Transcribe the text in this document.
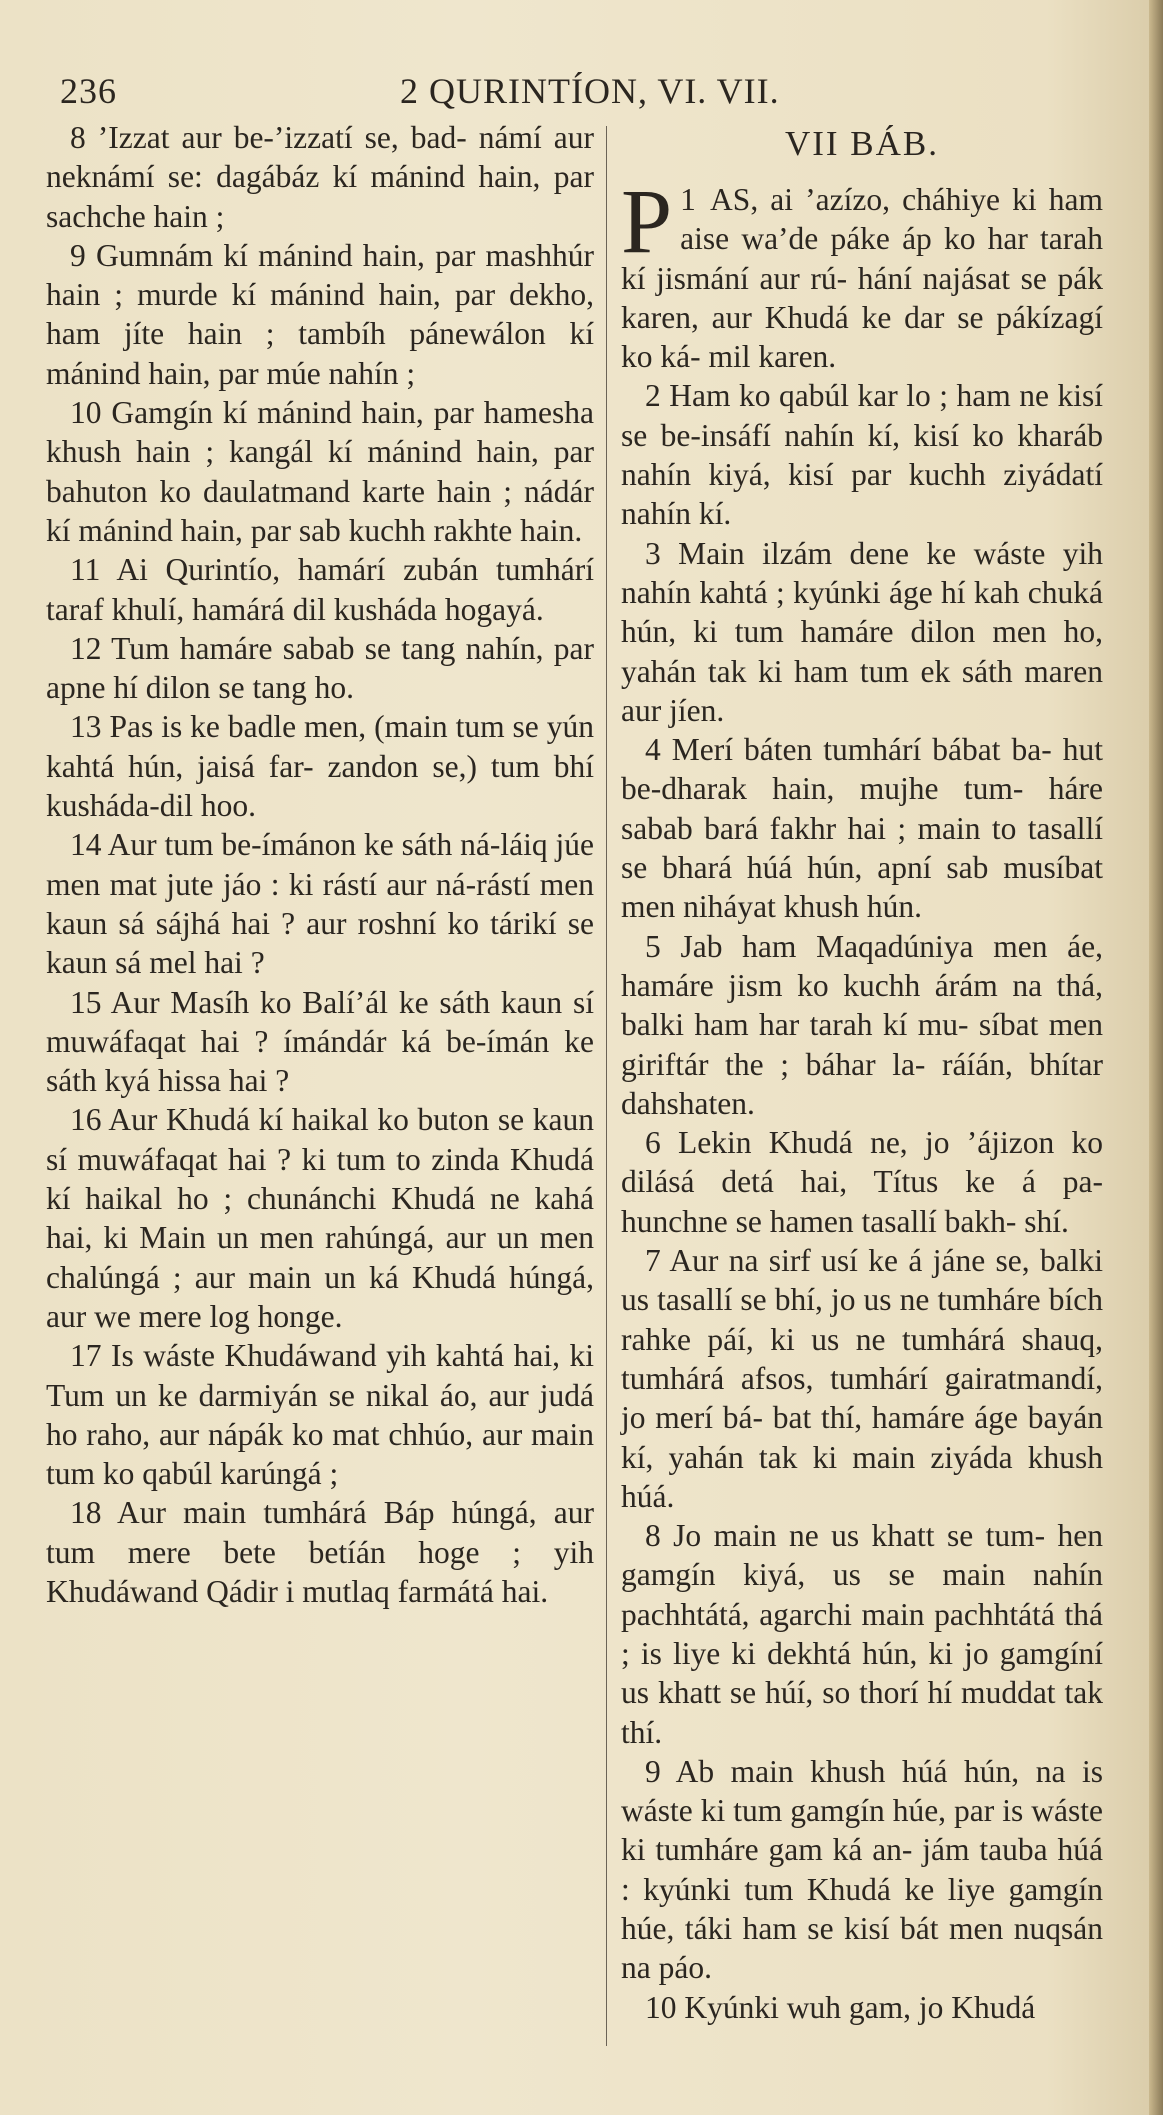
236	2 QURINTÍON, VI. VII.

8 ’Izzat aur be-’izzatí se, bad- námí aur neknámí se: dagábáz kí mánind hain, par sachche hain ;

9 Gumnám kí mánind hain, par mashhúr hain ; murde kí mánind hain, par dekho, ham jíte hain ; tambíh pánewálon kí mánind hain, par múe nahín ;

10 Gamgín kí mánind hain, par hamesha khush hain ; kangál kí mánind hain, par bahuton ko daulatmand karte hain ; nádár kí mánind hain, par sab kuchh rakhte hain.

11 Ai Qurintío, hamárí zubán tumhárí taraf khulí, hamárá dil kusháda hogayá.

12 Tum hamáre sabab se tang nahín, par apne hí dilon se tang ho.

13 Pas is ke badle men, (main tum se yún kahtá hún, jaisá far- zandon se,) tum bhí kusháda-dil hoo.

14 Aur tum be-ímánon ke sáth ná-láiq júe men mat jute jáo : ki rástí aur ná-rástí men kaun sá sájhá hai ? aur roshní ko tárikí se kaun sá mel hai ?

15 Aur Masíh ko Balí’ál ke sáth kaun sí muwáfaqat hai ? ímándár ká be-ímán ke sáth kyá hissa hai ?

16 Aur Khudá kí haikal ko buton se kaun sí muwáfaqat hai ? ki tum to zinda Khudá kí haikal ho ; chunánchi Khudá ne kahá hai, ki Main un men rahúngá, aur un men chalúngá ; aur main un ká Khudá húngá, aur we mere log honge.

17 Is wáste Khudáwand yih kahtá hai, ki Tum un ke darmiyán se nikal áo, aur judá ho raho, aur nápák ko mat chhúo, aur main tum ko qabúl karúngá ;

18 Aur main tumhárá Báp húngá, aur tum mere bete betíán hoge ; yih Khudáwand Qádir i mutlaq farmátá hai.

VII BÁB.

1
P AS, ai ’azízo, cháhiye ki ham aise wa’de páke áp ko har tarah kí jismání aur rú- hání najásat se pák karen, aur Khudá ke dar se pákízagí ko ká- mil karen.

2 Ham ko qabúl kar lo ; ham ne kisí se be-insáfí nahín kí, kisí ko kharáb nahín kiyá, kisí par kuchh ziyádatí nahín kí.

3 Main ilzám dene ke wáste yih nahín kahtá ; kyúnki áge hí kah chuká hún, ki tum hamáre dilon men ho, yahán tak ki ham tum ek sáth maren aur jíen.

4 Merí báten tumhárí bábat ba- hut be-dharak hain, mujhe tum- háre sabab bará fakhr hai ; main to tasallí se bhará húá hún, apní sab musíbat men niháyat khush hún.

5 Jab ham Maqadúniya men áe, hamáre jism ko kuchh árám na thá, balki ham har tarah kí mu- síbat men giriftár the ; báhar la- ráíán, bhítar dahshaten.

6 Lekin Khudá ne, jo ’ájizon ko dilásá detá hai, Títus ke á pa- hunchne se hamen tasallí bakh- shí.

7 Aur na sirf usí ke á jáne se, balki us tasallí se bhí, jo us ne tumháre bích rahke páí, ki us ne tumhárá shauq, tumhárá afsos, tumhárí gairatmandí, jo merí bá- bat thí, hamáre áge bayán kí, yahán tak ki main ziyáda khush húá.

8 Jo main ne us khatt se tum- hen gamgín kiyá, us se main nahín pachhtátá, agarchi main pachhtátá thá ; is liye ki dekhtá hún, ki jo gamgíní us khatt se húí, so thorí hí muddat tak thí.

9 Ab main khush húá hún, na is wáste ki tum gamgín húe, par is wáste ki tumháre gam ká an- jám tauba húá : kyúnki tum Khudá ke liye gamgín húe, táki ham se kisí bát men nuqsán na páo.

10 Kyúnki wuh gam, jo Khudá
